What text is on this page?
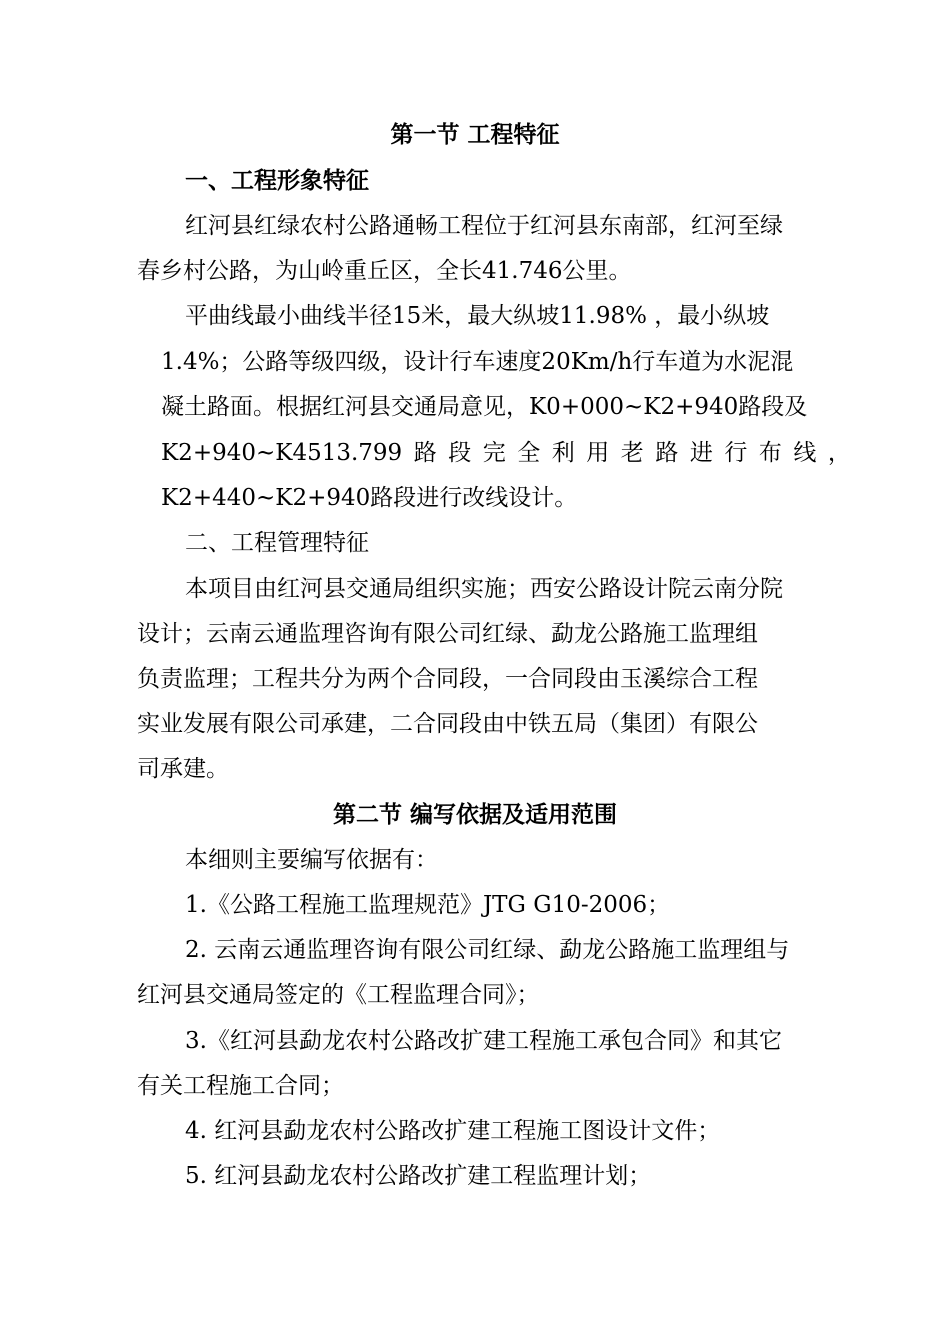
第一节 工程特征
一、工程形象特征
红河县红绿农村公路通畅工程位于红河县东南部，红河至绿
春乡村公路，为山岭重丘区，全长41.746公里。
平曲线最小曲线半径15米，最大纵坡11.98% ，最小纵坡
1.4%；公路等级四级，设计行车速度20Km/h行车道为水泥混
凝土路面。根据红河县交通局意见，K0+000~K2+940路段及
K2+940~K4513.799 路 段 完 全 利 用 老 路 进 行 布 线 ，
K2+440~K2+940路段进行改线设计。
二、工程管理特征
本项目由红河县交通局组织实施；西安公路设计院云南分院
设计；云南云通监理咨询有限公司红绿、勐龙公路施工监理组
负责监理；工程共分为两个合同段，一合同段由玉溪综合工程
实业发展有限公司承建，二合同段由中铁五局（集团）有限公
司承建。
第二节 编写依据及适用范围
本细则主要编写依据有：
1.《公路工程施工监理规范》JTG G10-2006；
2. 云南云通监理咨询有限公司红绿、勐龙公路施工监理组与
红河县交通局签定的《工程监理合同》；
3.《红河县勐龙农村公路改扩建工程施工承包合同》和其它
有关工程施工合同；
4. 红河县勐龙农村公路改扩建工程施工图设计文件；
5. 红河县勐龙农村公路改扩建工程监理计划；
